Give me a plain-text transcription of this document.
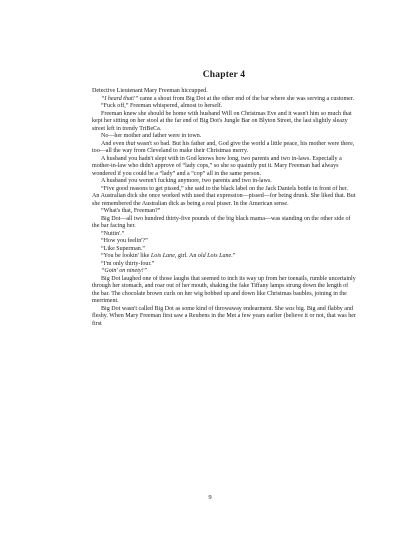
Chapter 4

Detective Lieutenant Mary Freeman hiccupped.

“I heard that!” came a shout from Big Dot at the other end of the bar where she was serving a customer.

“Fuck off,” Freeman whispered, almost to herself.

Freeman knew she should be home with husband Will on Christmas Eve and it wasn't him so much that kept her sitting on her stool at the far end of Big Dot's Jungle Bar on Blyton Street, the last slightly sleazy street left in trendy TriBeCa.

No—her mother and father were in town.

And even that wasn't so bad. But his father and, God give the world a little peace, his mother were there, too—all the way from Cleveland to make their Christmas merry.

A husband you hadn't slept with in God knows how long, two parents and two in-laws. Especially a mother-in-law who didn't approve of “lady cops,” so she so quaintly put it. Mary Freeman had always wondered if you could be a “lady” and a “cop” all in the same person.

A husband you weren't fucking anymore, two parents and two in-laws.

“Five good reasons to get pissed,” she said to the black label on the Jack Daniels bottle in front of her. An Australian dick she once worked with used that expression—pissed—for being drunk. She liked that. But she remembered the Australian dick as being a real pisser. In the American sense.

“What's that, Freeman?”

Big Dot—all two hundred thirty-five pounds of the big black mama—was standing on the other side of the bar facing her.

“Nuttin'.”

“How you feelin'?”

“Like Superman.”

“You be lookin' like Lois Lane, girl. An old Lois Lane.”

“I'm only thirty-four.”

“Goin' on ninety!”

Big Dot laughed one of those laughs that seemed to inch its way up from her toenails, rumble uncertainly through her stomach, and roar out of her mouth, shaking the fake Tiffany lamps strung down the length of the bar. The chocolate brown curls on her wig bobbed up and down like Christmas baubles, joining in the merriment.

Big Dot wasn't called Big Dot as some kind of throwaway endearment. She was big. Big and flabby and fleshy. When Mary Freeman first saw a Reubens in the Met a few years earlier (believe it or not, that was her first

9
